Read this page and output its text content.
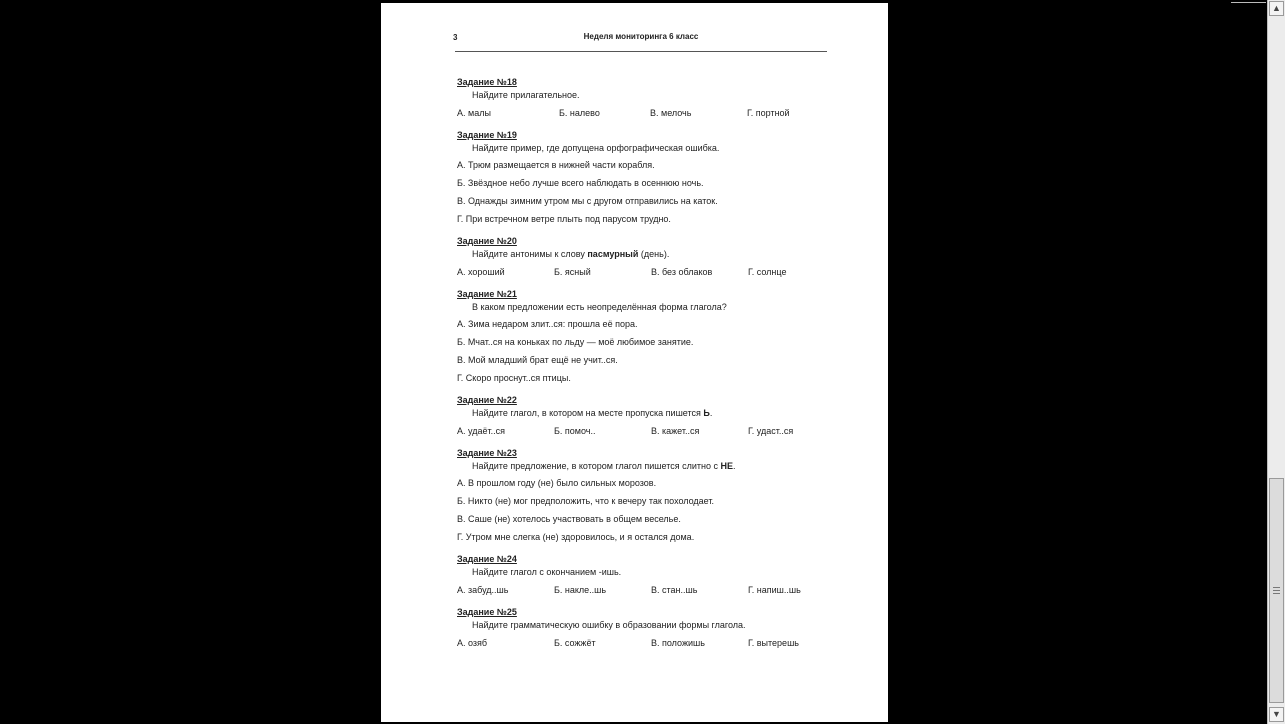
3	Неделя мониторинга 6 класс
Задание №18
Найдите прилагательное.
А. малы	Б. налево	В. мелочь	Г. портной
Задание №19
Найдите пример, где допущена орфографическая ошибка.
А. Трюм размещается в нижней части корабля.
Б. Звёздное небо лучше всего наблюдать в осеннюю ночь.
В. Однажды зимним утром мы с другом отправились на каток.
Г. При встречном ветре плыть под парусом трудно.
Задание №20
Найдите антонимы к слову пасмурный (день).
А. хороший	Б. ясный	В. без облаков	Г. солнце
Задание №21
В каком предложении есть неопределённая форма глагола?
А. Зима недаром злит..ся: прошла её пора.
Б. Мчат..ся на коньках по льду — моё любимое занятие.
В. Мой младший брат ещё не учит..ся.
Г. Скоро проснут..ся птицы.
Задание №22
Найдите глагол, в котором на месте пропуска пишется Ь.
А. удаёт..ся	Б. помоч..	В. кажет..ся	Г. удаст..ся
Задание №23
Найдите предложение, в котором глагол пишется слитно с НЕ.
А. В прошлом году (не) было сильных морозов.
Б. Никто (не) мог предположить, что к вечеру так похолодает.
В. Саше (не) хотелось участвовать в общем веселье.
Г. Утром мне слегка (не) здоровилось, и я остался дома.
Задание №24
Найдите глагол с окончанием -ишь.
А. забуд..шь	Б. накле..шь	В. стан..шь	Г. напиш..шь
Задание №25
Найдите грамматическую ошибку в образовании формы глагола.
А. озяб	Б. сожжёт	В. положишь	Г. вытерешь
▲
▼
